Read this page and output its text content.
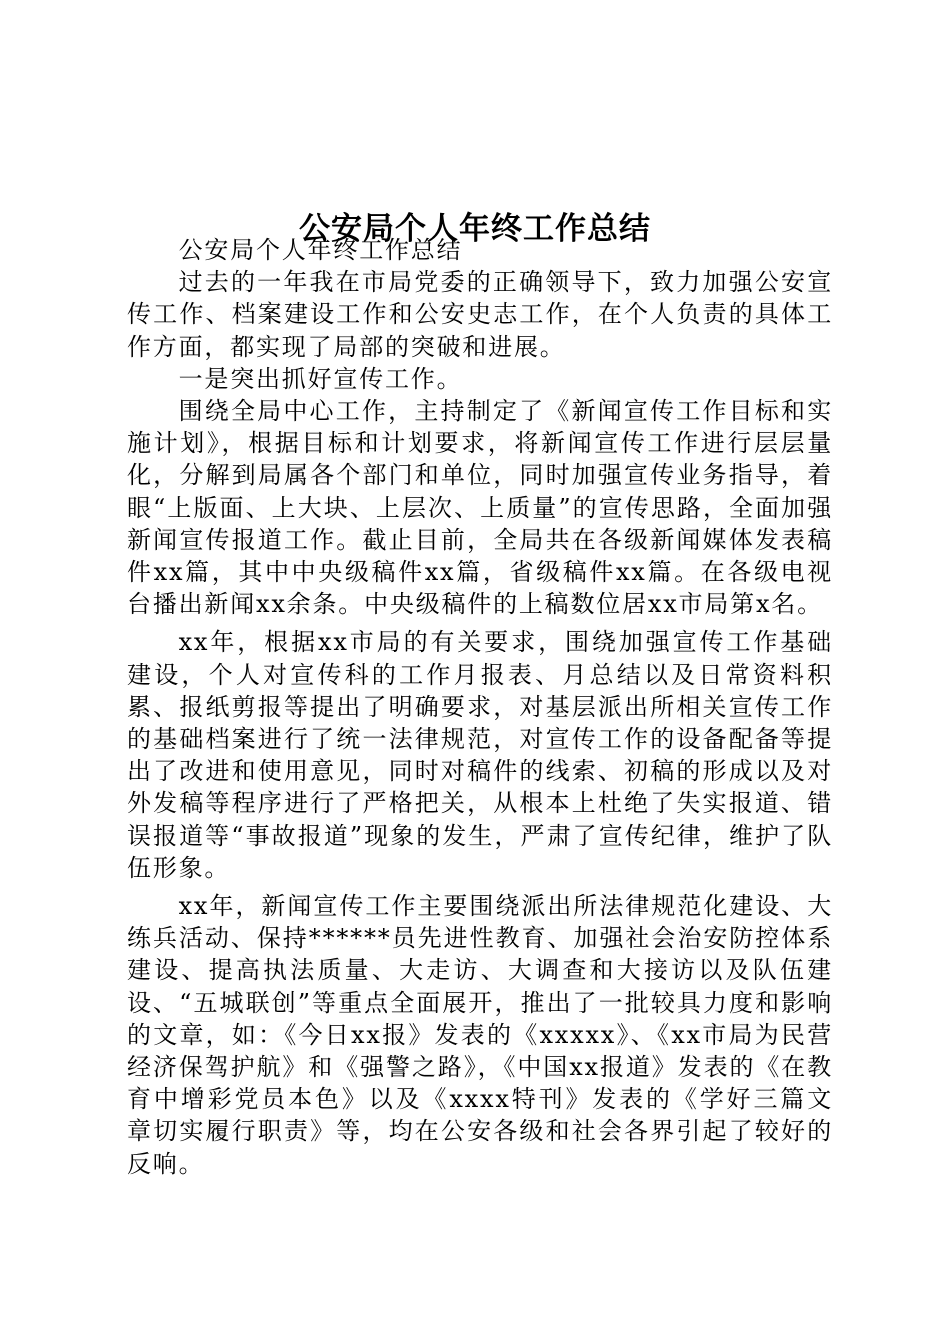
公安局个人年终工作总结

公安局个人年终工作总结

过去的一年我在市局党委的正确领导下，致力加强公安宣传工作、档案建设工作和公安史志工作，在个人负责的具体工作方面，都实现了局部的突破和进展。

一是突出抓好宣传工作。

围绕全局中心工作，主持制定了《新闻宣传工作目标和实施计划》，根据目标和计划要求，将新闻宣传工作进行层层量化，分解到局属各个部门和单位，同时加强宣传业务指导，着眼“上版面、上大块、上层次、上质量”的宣传思路，全面加强新闻宣传报道工作。截止目前，全局共在各级新闻媒体发表稿件xx篇，其中中央级稿件xx篇，省级稿件xx篇。在各级电视台播出新闻xx余条。中央级稿件的上稿数位居xx市局第x名。

xx年，根据xx市局的有关要求，围绕加强宣传工作基础建设，个人对宣传科的工作月报表、月总结以及日常资料积累、报纸剪报等提出了明确要求，对基层派出所相关宣传工作的基础档案进行了统一法律规范，对宣传工作的设备配备等提出了改进和使用意见，同时对稿件的线索、初稿的形成以及对外发稿等程序进行了严格把关，从根本上杜绝了失实报道、错误报道等“事故报道”现象的发生，严肃了宣传纪律，维护了队伍形象。

xx年，新闻宣传工作主要围绕派出所法律规范化建设、大练兵活动、保持******员先进性教育、加强社会治安防控体系建设、提高执法质量、大走访、大调查和大接访以及队伍建设、“五城联创”等重点全面展开，推出了一批较具力度和影响的文章，如：《今日xx报》发表的《xxxxx》、《xx市局为民营经济保驾护航》和《强警之路》，《中国xx报道》发表的《在教育中增彩党员本色》以及《xxxx特刊》发表的《学好三篇文章切实履行职责》等，均在公安各级和社会各界引起了较好的反响。
